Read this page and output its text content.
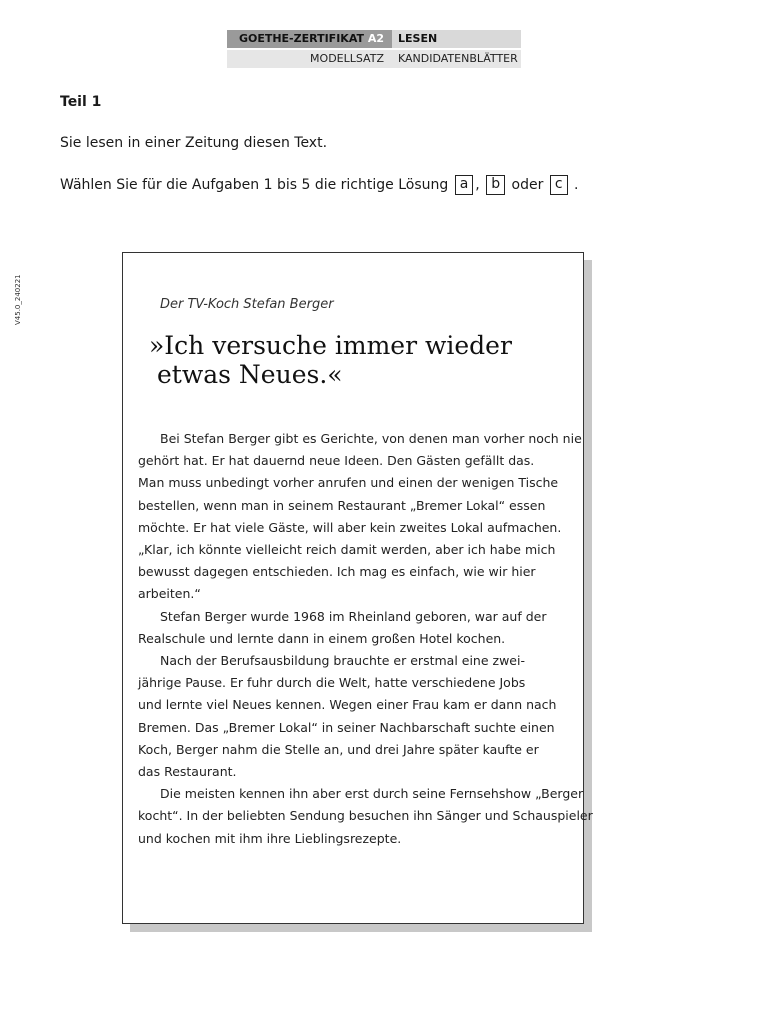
GOETHE-ZERTIFIKAT A2	LESEN
MODELLSATZ	KANDIDATENBLÄTTER
V45.0_240221
Teil 1
Sie lesen in einer Zeitung diesen Text.
Wählen Sie für die Aufgaben 1 bis 5 die richtige Lösung
a ,
b
oder
c
.
Der TV-Koch Stefan Berger
»Ich versuche immer wieder
etwas Neues.«
Bei Stefan Berger gibt es Gerichte, von denen man vorher noch nie
gehört hat. Er hat dauernd neue Ideen. Den Gästen gefällt das.
Man muss unbedingt vorher anrufen und einen der wenigen Tische
bestellen, wenn man in seinem Restaurant „Bremer Lokal“ essen
möchte. Er hat viele Gäste, will aber kein zweites Lokal aufmachen.
„Klar, ich könnte vielleicht reich damit werden, aber ich habe mich
bewusst dagegen entschieden. Ich mag es einfach, wie wir hier
arbeiten.“
Stefan Berger wurde 1968 im Rheinland geboren, war auf der
Realschule und lernte dann in einem großen Hotel kochen.
Nach der Berufsausbildung brauchte er erstmal eine zwei-
jährige Pause. Er fuhr durch die Welt, hatte verschiedene Jobs
und lernte viel Neues kennen. Wegen einer Frau kam er dann nach
Bremen. Das „Bremer Lokal“ in seiner Nachbarschaft suchte einen
Koch, Berger nahm die Stelle an, und drei Jahre später kaufte er
das Restaurant.
Die meisten kennen ihn aber erst durch seine Fernsehshow „Berger
kocht“. In der beliebten Sendung besuchen ihn Sänger und Schauspieler
und kochen mit ihm ihre Lieblingsrezepte.
